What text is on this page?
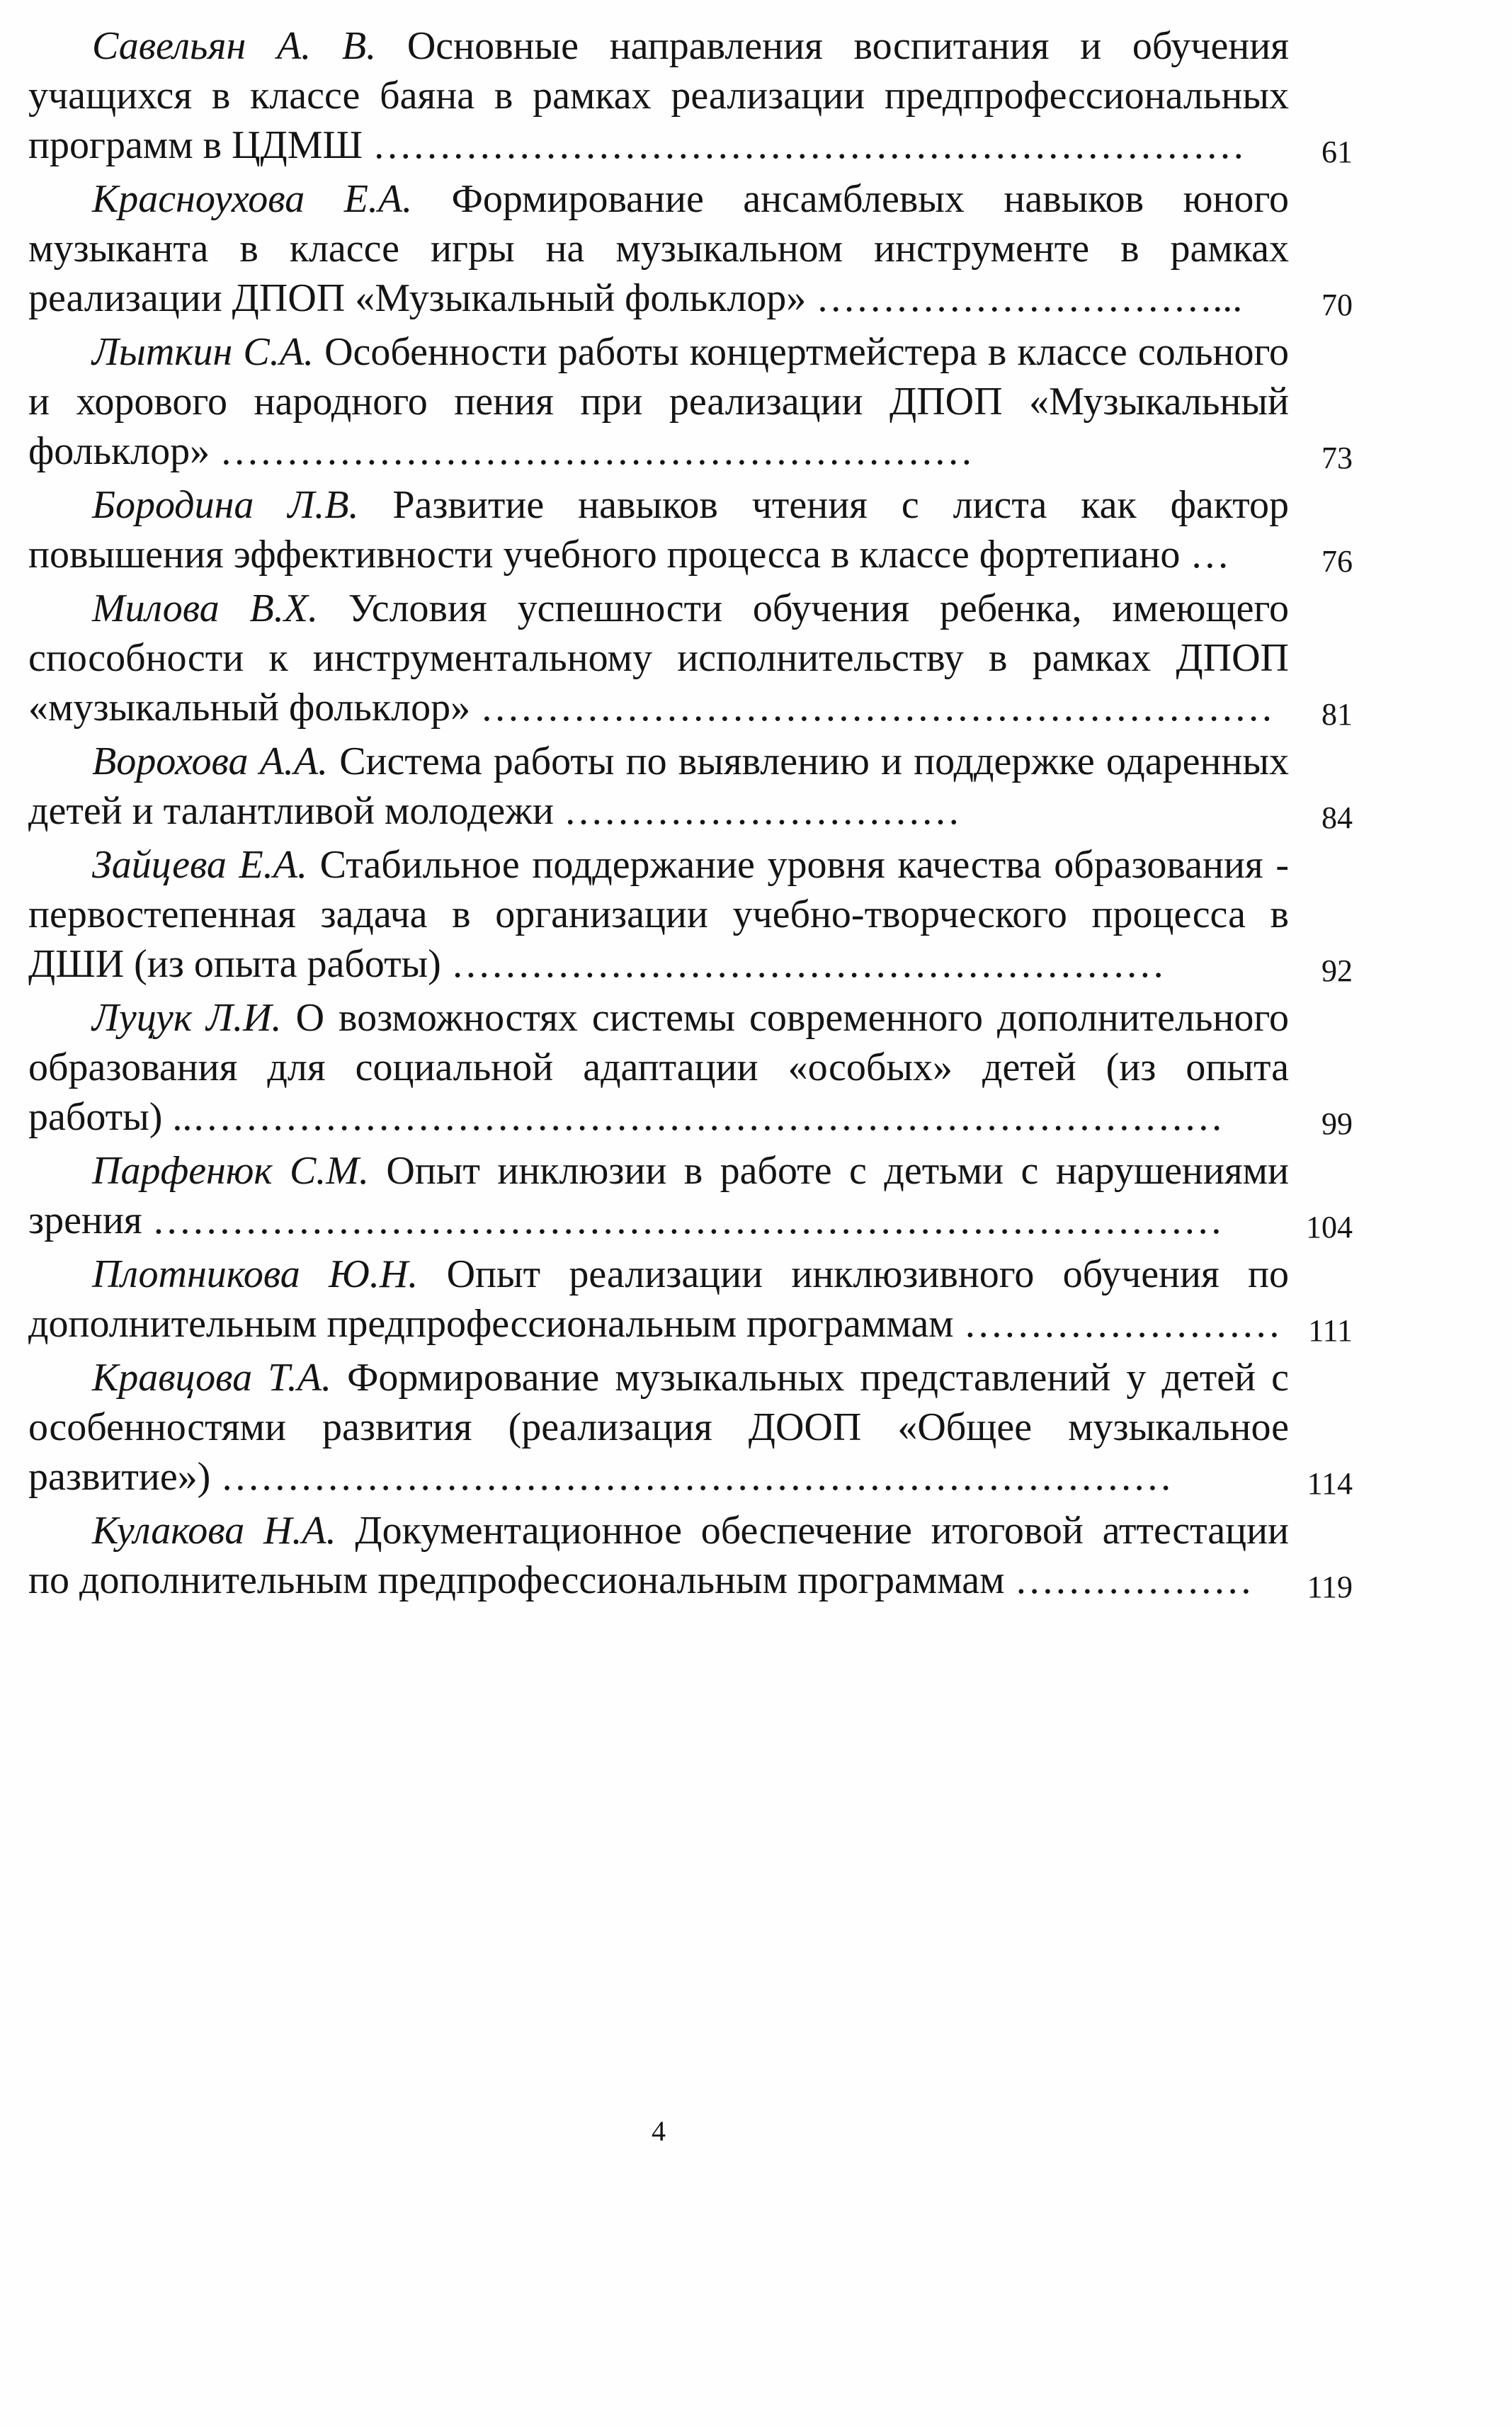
Савельян А. В. Основные направления воспитания и обучения учащихся в классе баяна в рамках реализации предпрофессиональных программ в ЦДМШ …………………………………………………………	61
Красноухова Е.А. Формирование ансамблевых навыков юного музыканта в классе игры на музыкальном инструменте в рамках реализации ДПОП «Музыкальный фольклор» …………………………...	70
Лыткин С.А. Особенности работы концертмейстера в классе сольного и хорового народного пения при реализации ДПОП «Музыкальный фольклор» …………………………………………………	73
Бородина Л.В. Развитие навыков чтения с листа как фактор повышения эффективности учебного процесса в классе фортепиано …	76
Милова В.Х. Условия успешности обучения ребенка, имеющего способности к инструментальному исполнительству в рамках ДПОП «музыкальный фольклор» ……………………………………………………	81
Ворохова А.А. Система работы по выявлению и поддержке одаренных детей и талантливой молодежи …………………………	84
Зайцева Е.А. Стабильное поддержание уровня качества образования - первостепенная задача в организации учебно-творческого процесса в ДШИ (из опыта работы) ………………………………………………	92
Луцук Л.И. О возможностях системы современного дополнительного образования для социальной адаптации «особых» детей (из опыта работы) ..……………………………………………………………………	99
Парфенюк С.М. Опыт инклюзии в работе с детьми с нарушениями зрения ………………………………………………………………………	104
Плотникова Ю.Н. Опыт реализации инклюзивного обучения по дополнительным предпрофессиональным программам …………………… 111
Кравцова Т.А. Формирование музыкальных представлений у детей с особенностями развития (реализация ДООП «Общее музыкальное развитие») ………………………………………………………………	114
Кулакова Н.А. Документационное обеспечение итоговой аттестации по дополнительным предпрофессиональным программам ………………	119
4
